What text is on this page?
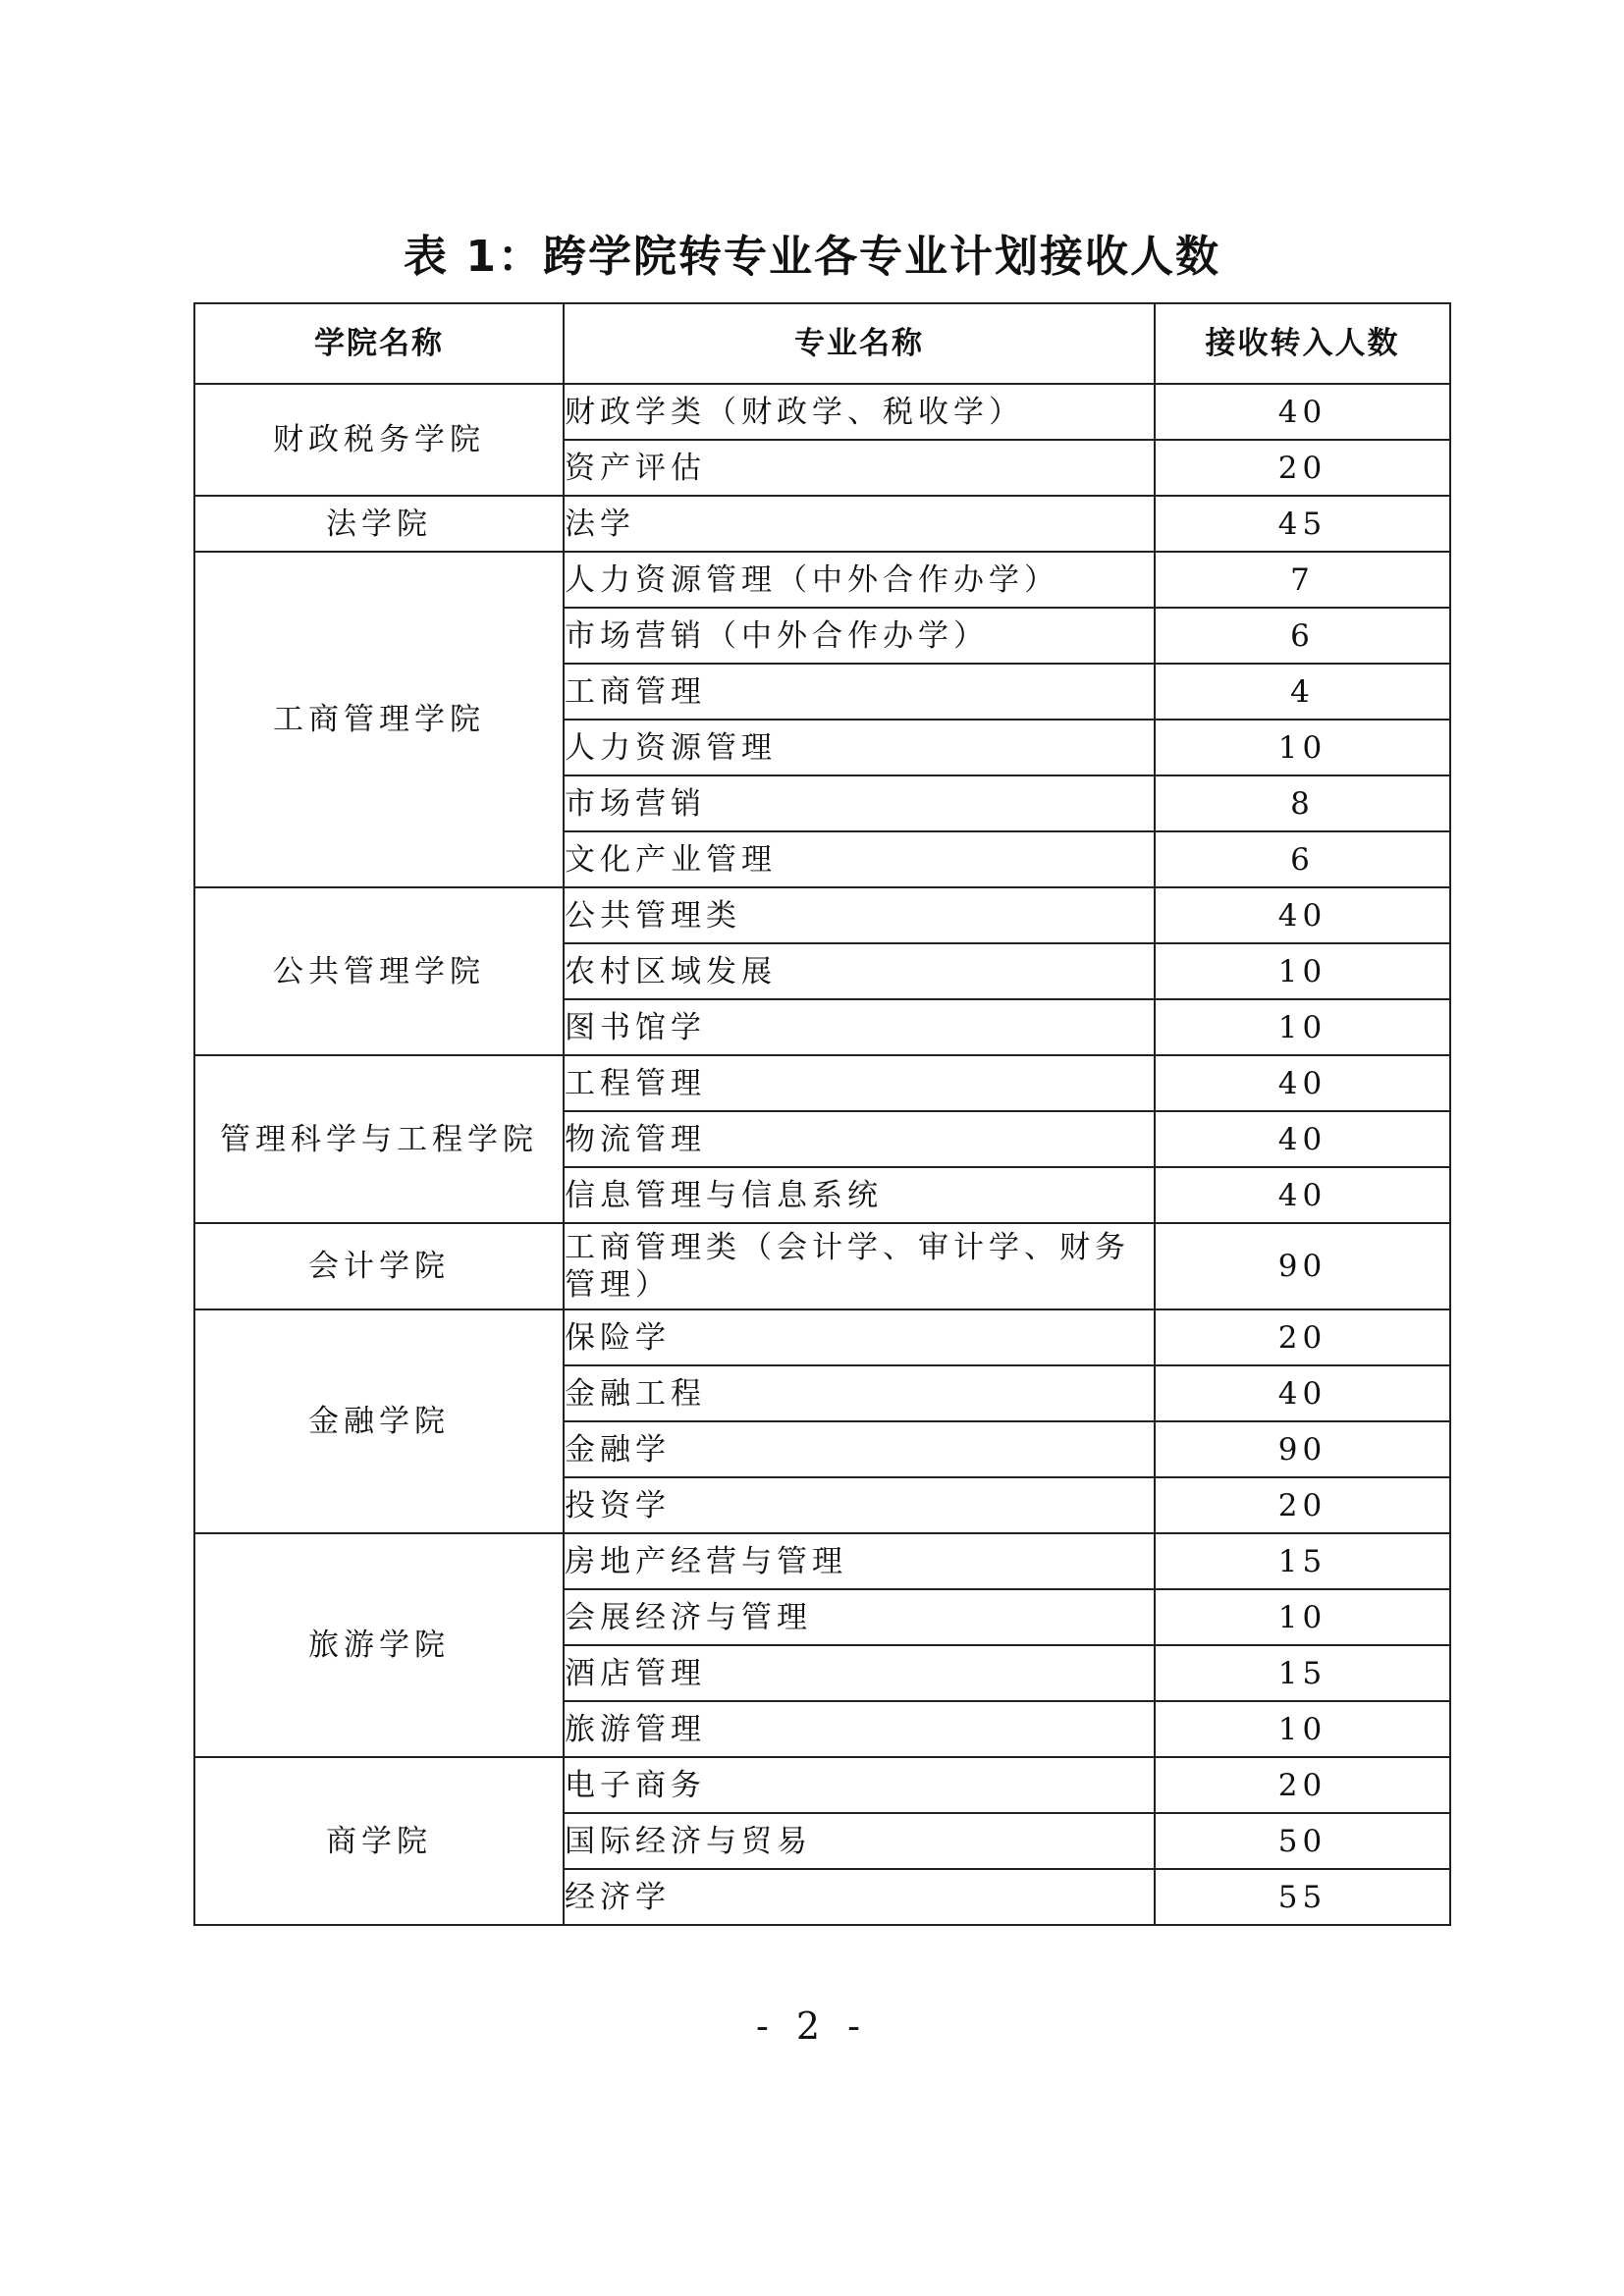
表 1：跨学院转专业各专业计划接收人数
学院名称	专业名称	接收转入人数
财政税务学院	财政学类（财政学、税收学）	40
	资产评估	20
法学院	法学	45
工商管理学院	人力资源管理（中外合作办学）	7
	市场营销（中外合作办学）	6
	工商管理	4
	人力资源管理	10
	市场营销	8
	文化产业管理	6
公共管理学院	公共管理类	40
	农村区域发展	10
	图书馆学	10
管理科学与工程学院	工程管理	40
	物流管理	40
	信息管理与信息系统	40
会计学院	工商管理类（会计学、审计学、财务管理）	90
金融学院	保险学	20
	金融工程	40
	金融学	90
	投资学	20
旅游学院	房地产经营与管理	15
	会展经济与管理	10
	酒店管理	15
	旅游管理	10
商学院	电子商务	20
	国际经济与贸易	50
	经济学	55
- 2 -
